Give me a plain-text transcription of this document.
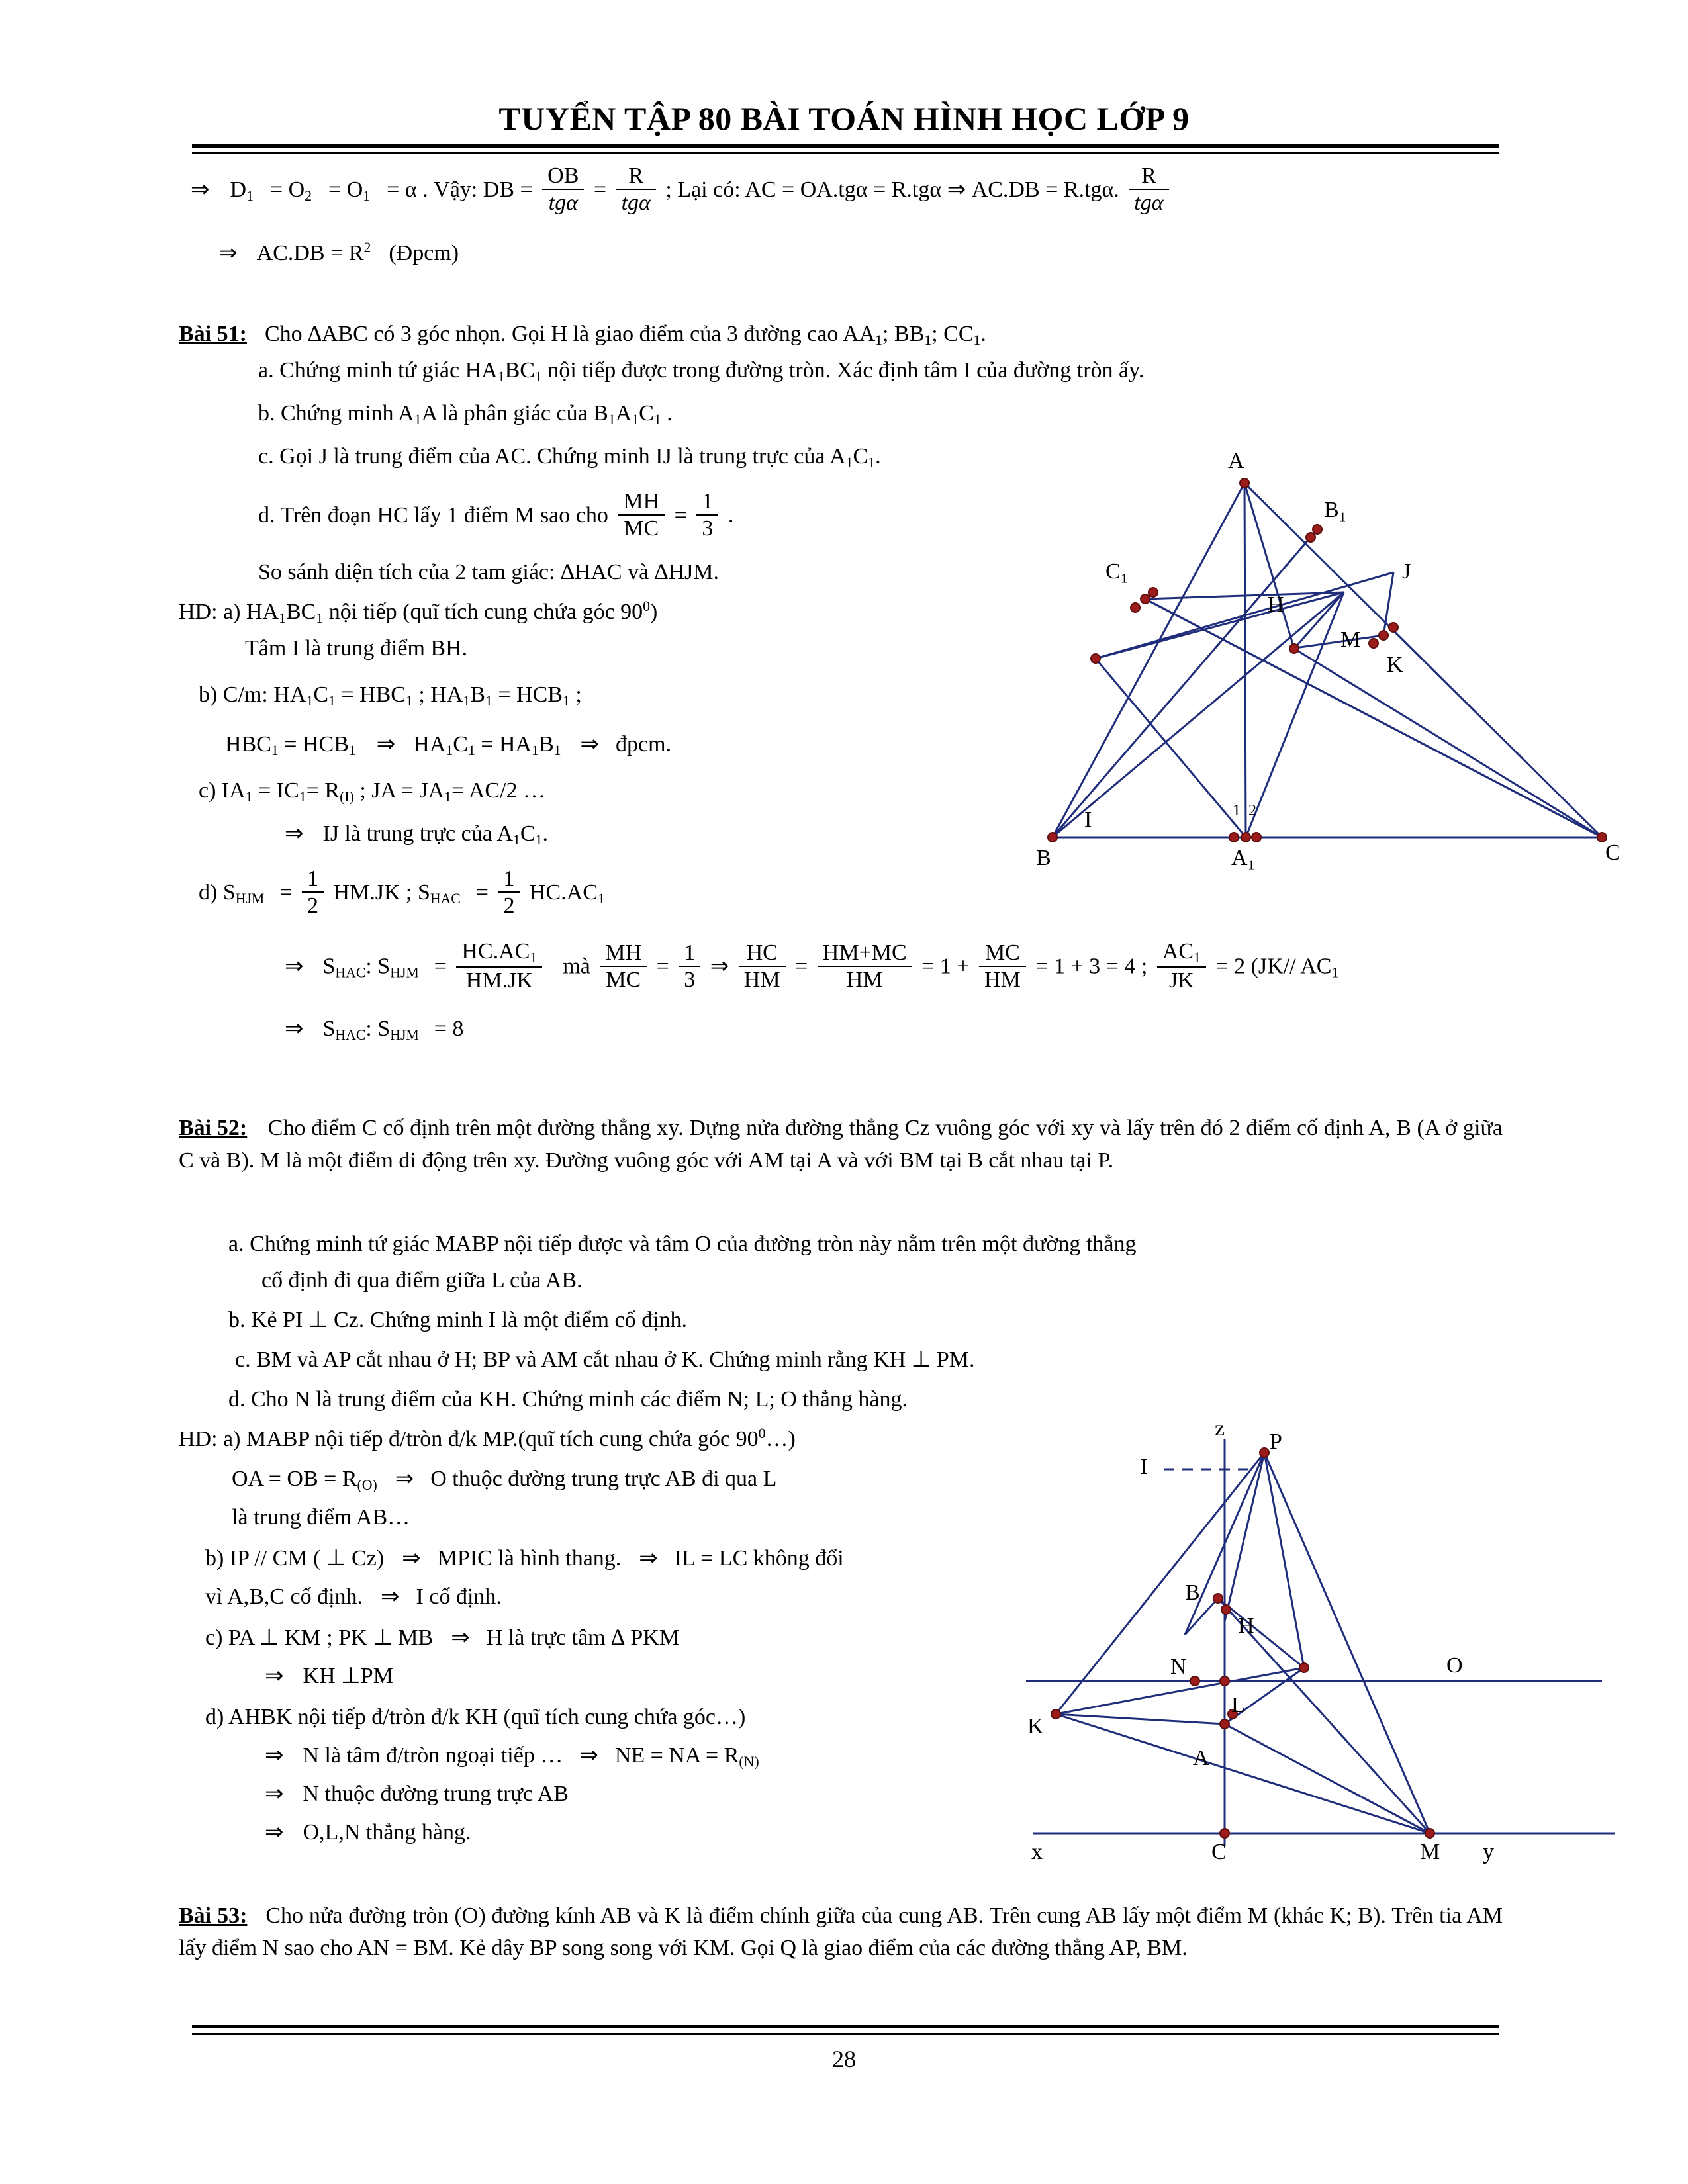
TUYỂN TẬP 80 BÀI TOÁN HÌNH HỌC LỚP 9
⇒ $D_1 = O_2 = O_1 = \alpha$ . Vậy: DB = $\frac{OB}{\text{tgα}} = \frac{R}{\text{tgα}}$ ; Lại có: AC = OA.tgα = R.tgα ⇒ AC.DB = R.tgα. $\frac{R}{\text{tgα}}$
⇒ $AC.DB = R^2$ (Đpcm)
Bài 51: Cho ∆ABC có 3 góc nhọn. Gọi H là giao điểm của 3 đường cao $AA_1$; $BB_1$; $CC_1$.
a. Chứng minh tứ giác $HA_1BC_1$ nội tiếp được trong đường tròn. Xác định tâm I của đường tròn ấy.
b. Chứng minh $A_1A$ là phân giác của $B_1A_1C_1$ .
c. Gọi J là trung điểm của AC. Chứng minh IJ là trung trực của $A_1C_1$.
d. Trên đoạn HC lấy 1 điểm M sao cho $\frac{MH}{MC} = \frac{1}{3}$ .
So sánh diện tích của 2 tam giác: ∆HAC và ∆HJM.
HD: a) $HA_1BC_1$ nội tiếp (quĩ tích cung chứa góc $90^0$)
Tâm I là trung điểm BH.
b) C/m: $HA_1C_1 = HBC_1$ ; $HA_1B_1 = HCB_1$ ;
$HBC_1 = HCB_1$ ⇒ $HA_1C_1 = HA_1B_1$ ⇒ đpcm.
c) $IA_1 = IC_1= R_{(I)}$ ; JA = $JA_1= AC/2$ …
⇒ IJ là trung trực của $A_1C_1$.
d) $S_{HJM} = \frac{1}{2} HM.JK$ ; $S_{HAC} = \frac{1}{2} HC.AC_1$
⇒ $S_{HAC}$: $S_{HJM} = \frac{HC.AC_1}{HM.JK}$ mà $\frac{MH}{MC} = \frac{1}{3}$ ⇒ $\frac{HC}{HM} = \frac{HM+MC}{HM} = 1 + \frac{MC}{HM} = 1 + 3 = 4$ ; $\frac{AC_1}{JK} = 2$ (JK// $AC_1$
⇒ $S_{HAC}$: $S_{HJM} = 8$
A
B	C
B₁
C₁
A₁
H
I
J
K
M
1 2
Bài 52: Cho điểm C cố định trên một đường thẳng xy. Dựng nửa đường thẳng Cz vuông góc với xy và lấy trên đó 2 điểm cố định A, B (A ở giữa C và B). M là một điểm di động trên xy. Đường vuông góc với AM tại A và với BM tại B cắt nhau tại P.
a. Chứng minh tứ giác MABP nội tiếp được và tâm O của đường tròn này nằm trên một đường thẳng
cố định đi qua điểm giữa L của AB.
b. Kẻ PI ⊥ Cz. Chứng minh I là một điểm cố định.
c. BM và AP cắt nhau ở H; BP và AM cắt nhau ở K. Chứng minh rằng KH ⊥ PM.
d. Cho N là trung điểm của KH. Chứng minh các điểm N; L; O thẳng hàng.
HD: a) MABP nội tiếp đ/tròn đ/k MP.(quĩ tích cung chứa góc $90^0\dots$)
OA = OB = $R_{(O)}$ ⇒ O thuộc đường trung trực AB đi qua L
là trung điểm AB…
b) IP // CM ( ⊥ Cz) ⇒ MPIC là hình thang. ⇒ IL = LC không đổi
vì A,B,C cố định. ⇒ I cố định.
c) PA ⊥ KM ; PK ⊥ MB ⇒ H là trực tâm ∆ PKM
⇒ KH ⊥PM
d) AHBK nội tiếp đ/tròn đ/k KH (quĩ tích cung chứa góc…)
⇒ N là tâm đ/tròn ngoại tiếp … ⇒ NE = NA = $R_{(N)}$
⇒ N thuộc đường trung trực AB
⇒ O,L,N thẳng hàng.
z
I
P
B
H
N	O
K
L
A
x	C	M y
Bài 53: Cho nửa đường tròn (O) đường kính AB và K là điểm chính giữa của cung AB. Trên cung AB lấy một điểm M (khác K; B). Trên tia AM lấy điểm N sao cho AN = BM. Kẻ dây BP song song với KM. Gọi Q là giao điểm của các đường thẳng AP, BM.
28
